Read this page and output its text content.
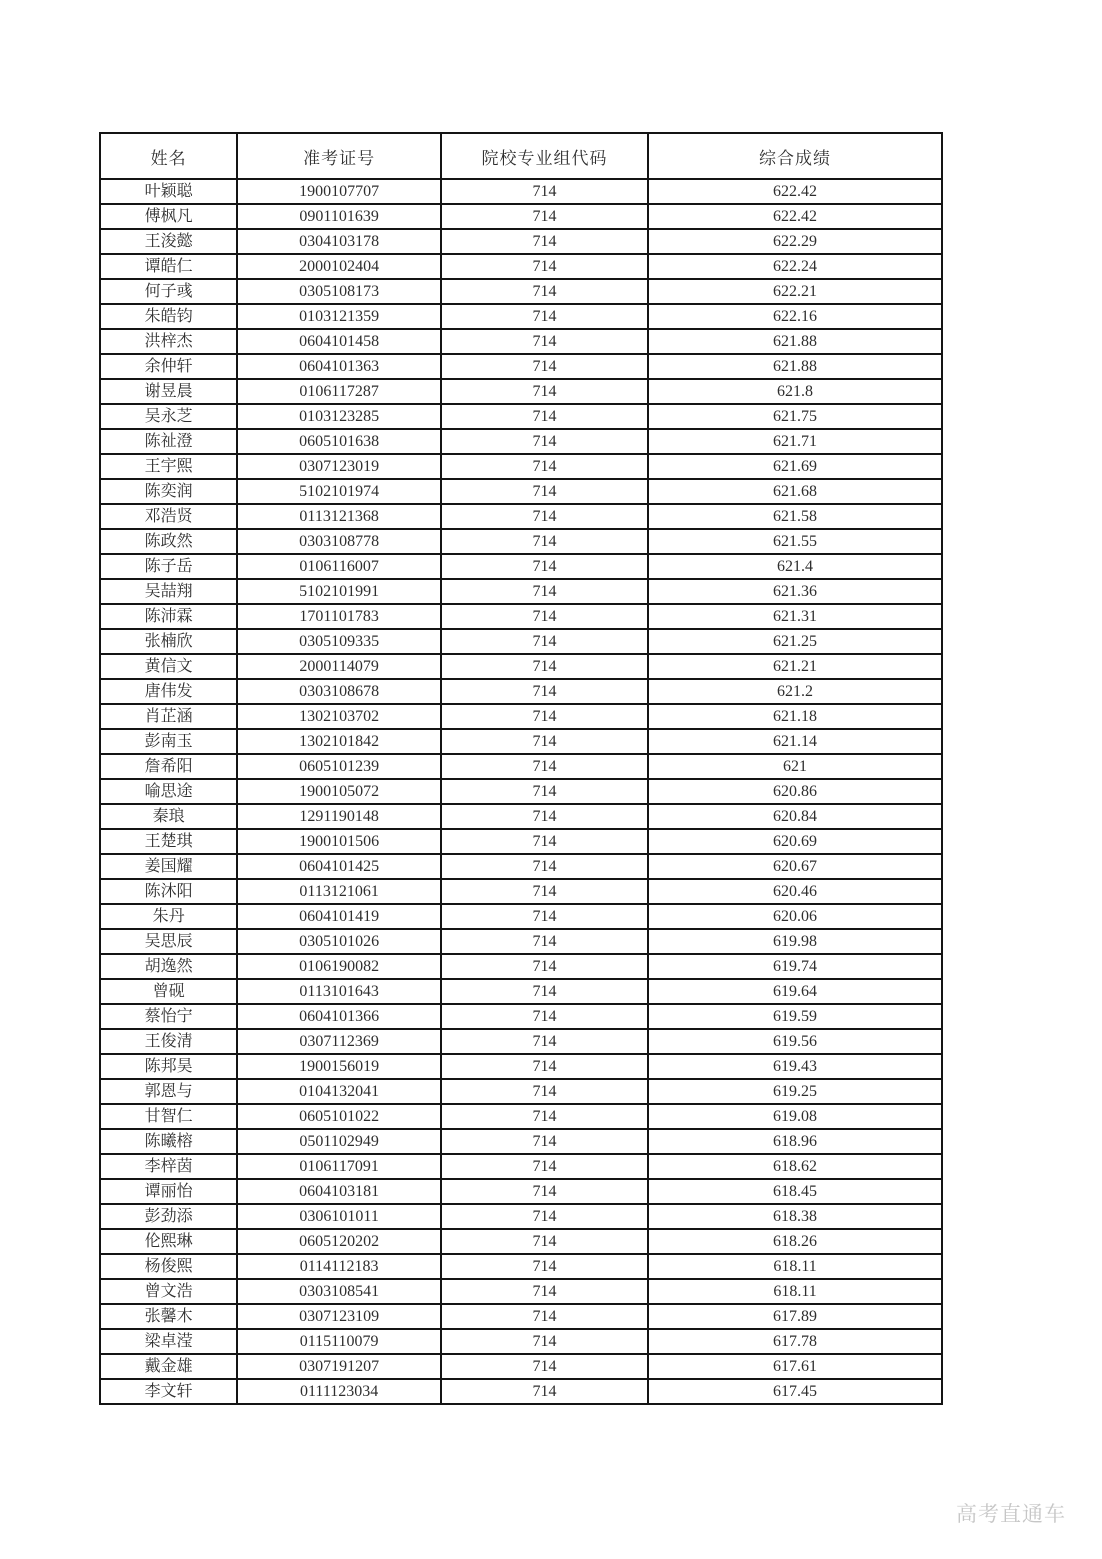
姓名	准考证号	院校专业组代码	综合成绩
叶颖聪	1900107707	714	622.42
傅枫凡	0901101639	714	622.42
王浚懿	0304103178	714	622.29
谭皓仁	2000102404	714	622.24
何子彧	0305108173	714	622.21
朱皓钧	0103121359	714	622.16
洪梓杰	0604101458	714	621.88
余仲轩	0604101363	714	621.88
谢昱晨	0106117287	714	621.8
吴永芝	0103123285	714	621.75
陈祉澄	0605101638	714	621.71
王宇熙	0307123019	714	621.69
陈奕润	5102101974	714	621.68
邓浩贤	0113121368	714	621.58
陈政然	0303108778	714	621.55
陈子岳	0106116007	714	621.4
吴喆翔	5102101991	714	621.36
陈沛霖	1701101783	714	621.31
张楠欣	0305109335	714	621.25
黄信文	2000114079	714	621.21
唐伟发	0303108678	714	621.2
肖芷涵	1302103702	714	621.18
彭南玉	1302101842	714	621.14
詹希阳	0605101239	714	621
喻思途	1900105072	714	620.86
秦琅	1291190148	714	620.84
王楚琪	1900101506	714	620.69
姜国耀	0604101425	714	620.67
陈沐阳	0113121061	714	620.46
朱丹	0604101419	714	620.06
吴思辰	0305101026	714	619.98
胡逸然	0106190082	714	619.74
曾砚	0113101643	714	619.64
蔡怡宁	0604101366	714	619.59
王俊清	0307112369	714	619.56
陈邦昊	1900156019	714	619.43
郭恩与	0104132041	714	619.25
甘智仁	0605101022	714	619.08
陈曦榕	0501102949	714	618.96
李梓茵	0106117091	714	618.62
谭丽怡	0604103181	714	618.45
彭劲添	0306101011	714	618.38
伦熙琳	0605120202	714	618.26
杨俊熙	0114112183	714	618.11
曾文浩	0303108541	714	618.11
张馨木	0307123109	714	617.89
梁卓滢	0115110079	714	617.78
戴金雄	0307191207	714	617.61
李文轩	0111123034	714	617.45
高考直通车
